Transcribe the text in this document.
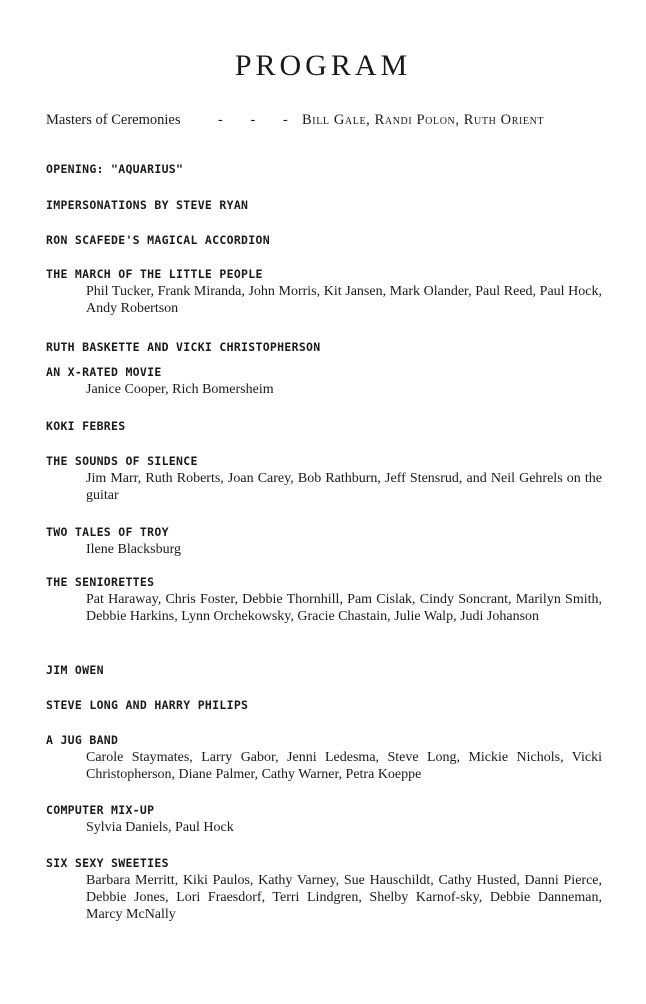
PROGRAM
Masters of Ceremonies	- - - Bill Gale, Randi Polon, Ruth Orient
OPENING: "AQUARIUS"
IMPERSONATIONS BY STEVE RYAN
RON SCAFEDE'S MAGICAL ACCORDION
THE MARCH OF THE LITTLE PEOPLE
Phil Tucker, Frank Miranda, John Morris, Kit Jansen, Mark Olander, Paul Reed, Paul Hock, Andy Robertson
RUTH BASKETTE AND VICKI CHRISTOPHERSON
AN X-RATED MOVIE
Janice Cooper, Rich Bomersheim
KOKI FEBRES
THE SOUNDS OF SILENCE
Jim Marr, Ruth Roberts, Joan Carey, Bob Rathburn, Jeff Stensrud, and Neil Gehrels on the guitar
TWO TALES OF TROY
Ilene Blacksburg
THE SENIORETTES
Pat Haraway, Chris Foster, Debbie Thornhill, Pam Cislak, Cindy Soncrant, Marilyn Smith, Debbie Harkins, Lynn Orchekowsky, Gracie Chastain, Julie Walp, Judi Johanson
JIM OWEN
STEVE LONG AND HARRY PHILIPS
A JUG BAND
Carole Staymates, Larry Gabor, Jenni Ledesma, Steve Long, Mickie Nichols, Vicki Christopherson, Diane Palmer, Cathy Warner, Petra Koeppe
COMPUTER MIX-UP
Sylvia Daniels, Paul Hock
SIX SEXY SWEETIES
Barbara Merritt, Kiki Paulos, Kathy Varney, Sue Hauschildt, Cathy Husted, Danni Pierce, Debbie Jones, Lori Fraesdorf, Terri Lindgren, Shelby Karnof-sky, Debbie Danneman, Marcy McNally
